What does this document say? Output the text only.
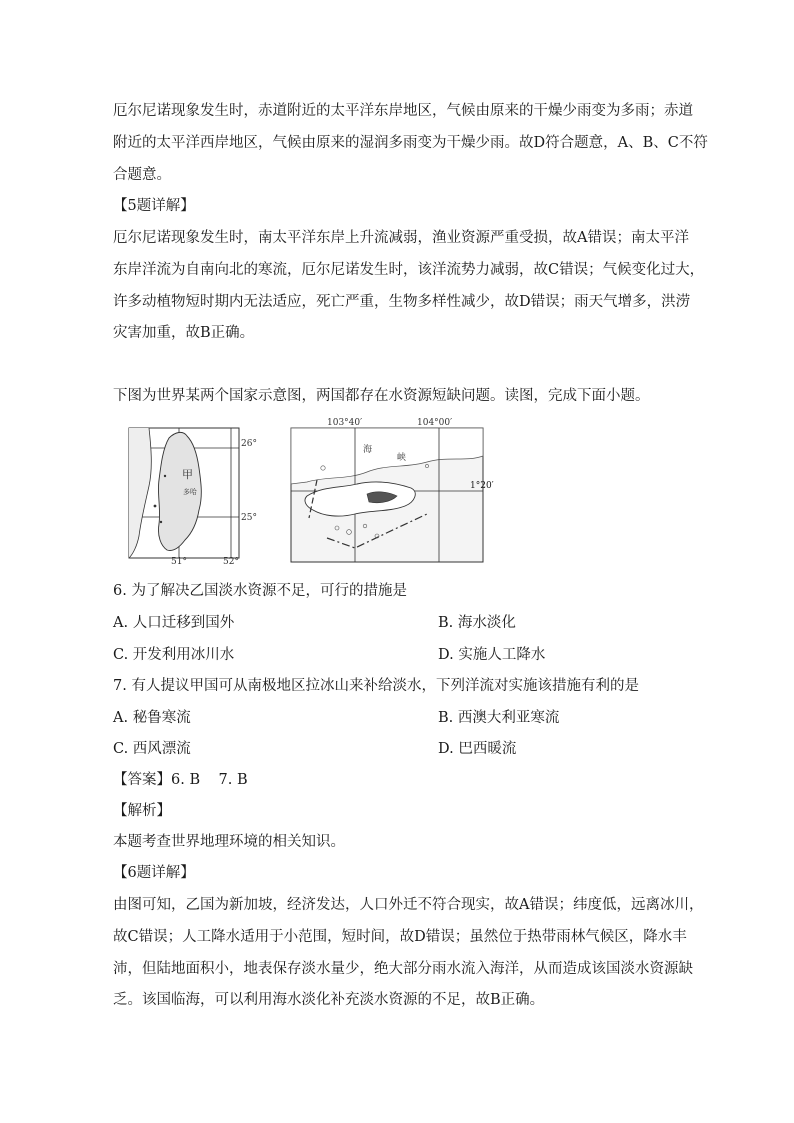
厄尔尼诺现象发生时，赤道附近的太平洋东岸地区，气候由原来的干燥少雨变为多雨；赤道
附近的太平洋西岸地区，气候由原来的湿润多雨变为干燥少雨。故D符合题意，A、B、C不符
合题意。
【5题详解】
厄尔尼诺现象发生时，南太平洋东岸上升流减弱，渔业资源严重受损，故A错误；南太平洋
东岸洋流为自南向北的寒流，厄尔尼诺发生时，该洋流势力减弱，故C错误；气候变化过大，
许多动植物短时期内无法适应，死亡严重，生物多样性减少，故D错误；雨天气增多，洪涝
灾害加重，故B正确。
下图为世界某两个国家示意图，两国都存在水资源短缺问题。读图，完成下面小题。
26°
25°
51°	52°
甲
多哈
103°40′	104°00′
海
峡
1°20′
6. 为了解决乙国淡水资源不足，可行的措施是
A. 人口迁移到国外	B. 海水淡化
C. 开发利用冰川水	D. 实施人工降水
7. 有人提议甲国可从南极地区拉冰山来补给淡水，下列洋流对实施该措施有利的是
A. 秘鲁寒流	B. 西澳大利亚寒流
C. 西风漂流	D. 巴西暖流
【答案】6. B    7. B
【解析】
本题考查世界地理环境的相关知识。
【6题详解】
由图可知，乙国为新加坡，经济发达，人口外迁不符合现实，故A错误；纬度低，远离冰川，
故C错误；人工降水适用于小范围，短时间，故D错误；虽然位于热带雨林气候区，降水丰
沛，但陆地面积小，地表保存淡水量少，绝大部分雨水流入海洋，从而造成该国淡水资源缺
乏。该国临海，可以利用海水淡化补充淡水资源的不足，故B正确。
